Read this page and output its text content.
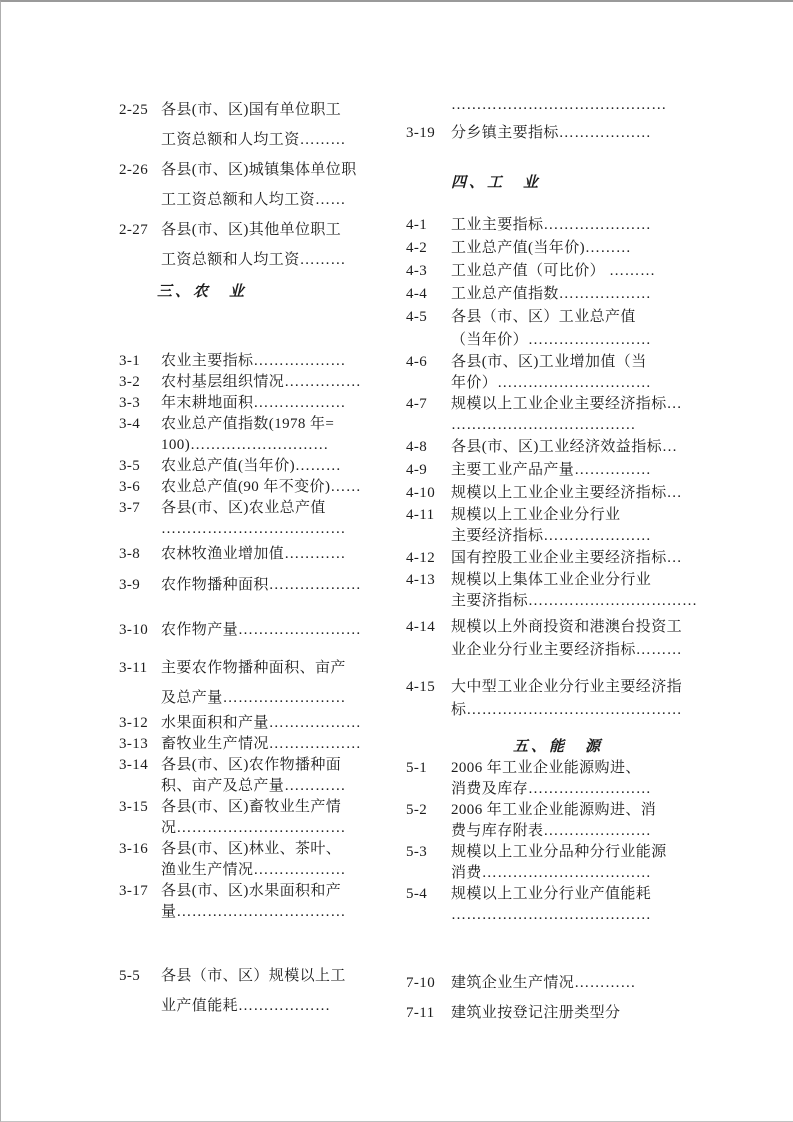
2-25 各县(市、区)国有单位职工
工资总额和人均工资………
2-26 各县(市、区)城镇集体单位职
工工资总额和人均工资……
2-27 各县(市、区)其他单位职工
工资总额和人均工资………
三、农　业
3-1	农业主要指标………………
3-2	农村基层组织情况……………
3-3	年末耕地面积………………
3-4	农业总产值指数(1978 年=
100)………………………
3-5	农业总产值(当年价)………
3-6	农业总产值(90 年不变价)……
3-7	各县(市、区)农业总产值
………………………………
3-8	农林牧渔业增加值…………
3-9	农作物播种面积………………
3-10 农作物产量……………………
3-11 主要农作物播种面积、亩产
及总产量……………………
3-12 水果面积和产量………………
3-13 畜牧业生产情况………………
3-14 各县(市、区)农作物播种面
积、亩产及总产量…………
3-15 各县(市、区)畜牧业生产情
况……………………………
3-16 各县(市、区)林业、茶叶、
渔业生产情况………………
3-17 各县(市、区)水果面积和产
量……………………………
5-5	各县（市、区）规模以上工
业产值能耗………………
……………………………………
3-19	分乡镇主要指标………………
四、工　业
4-1	工业主要指标…………………
4-2	工业总产值(当年价)………
4-3	工业总产值（可比价） ………
4-4	工业总产值指数………………
4-5	各县（市、区）工业总产值
（当年价）……………………
4-6	各县(市、区)工业增加值（当
年价）…………………………
4-7	规模以上工业企业主要经济指标…
………………………………
4-8	各县(市、区)工业经济效益指标…
4-9	主要工业产品产量……………
4-10	规模以上工业企业主要经济指标…
4-11	规模以上工业企业分行业
主要经济指标…………………
4-12	国有控股工业企业主要经济指标…
4-13	规模以上集体工业企业分行业
主要济指标……………………………
4-14	规模以上外商投资和港澳台投资工
业企业分行业主要经济指标………
4-15	大中型工业企业分行业主要经济指
标……………………………………
五、能　源
5-1	2006 年工业企业能源购进、
消费及库存……………………
5-2	2006 年工业企业能源购进、消
费与库存附表…………………
5-3	规模以上工业分品种分行业能源
消费……………………………
5-4	规模以上工业分行业产值能耗
…………………………………
7-10	建筑企业生产情况…………
7-11	建筑业按登记注册类型分
